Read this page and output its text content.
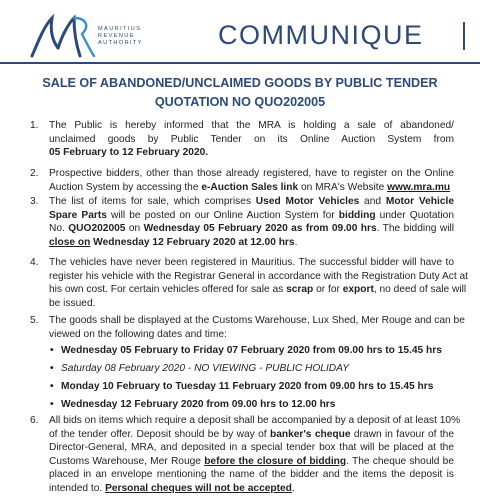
MAURITIUS
REVENUE
AUTHORITY	COMMUNIQUE
SALE OF ABANDONED/UNCLAIMED GOODS BY PUBLIC TENDER
QUOTATION NO QUO202005
1. The Public is hereby informed that the MRA is holding a sale of abandoned/
unclaimed goods by Public Tender on its Online Auction System from
05 February to 12 February 2020.
2. Prospective bidders, other than those already registered, have to register on the Online
Auction System by accessing the e-Auction Sales link on MRA's Website www.mra.mu
3. The list of items for sale, which comprises Used Motor Vehicles and Motor Vehicle
Spare Parts will be posted on our Online Auction System for bidding under Quotation
No. QUO202005 on Wednesday 05 February 2020 as from 09.00 hrs. The bidding will
close on Wednesday 12 February 2020 at 12.00 hrs.
4. The vehicles have never been registered in Mauritius. The successful bidder will have to
register his vehicle with the Registrar General in accordance with the Registration Duty Act at
his own cost. For certain vehicles offered for sale as scrap or for export, no deed of sale will
be issued.
5. The goods shall be displayed at the Customs Warehouse, Lux Shed, Mer Rouge and can be
viewed on the following dates and time:
• Wednesday 05 February to Friday 07 February 2020 from 09.00 hrs to 15.45 hrs
• Saturday 08 February 2020 - NO VIEWING - PUBLIC HOLIDAY
• Monday 10 February to Tuesday 11 February 2020 from 09.00 hrs to 15.45 hrs
• Wednesday 12 February 2020 from 09.00 hrs to 12.00 hrs
6. All bids on items which require a deposit shall be accompanied by a deposit of at least 10%
of the tender offer. Deposit should be by way of banker's cheque drawn in favour of the
Director-General, MRA, and deposited in a special tender box that will be placed at the
Customs Warehouse, Mer Rouge before the closure of bidding. The cheque should be
placed in an envelope mentioning the name of the bidder and the items the deposit is
intended to. Personal cheques will not be accepted.
